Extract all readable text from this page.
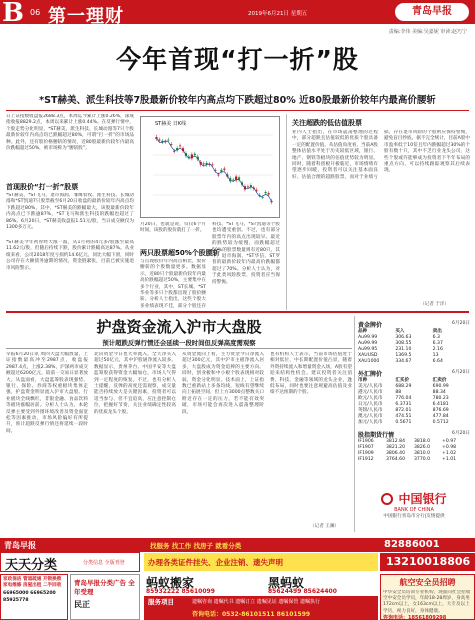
B 06 第一理财	2019年6月21日 星期五	青岛早报
责编:李伟 美编:吴嘉妮 审读:赵巧宁
今年首现“打一折”股
*ST赫美、派生科技等7股最新价较年内高点均下跌超过80% 近80股最新价较年内最高价腰斩
日上证指数收盘报2688.3点，本周迄今累计上涨0.26%，深成指收报8829.2点，本周以来累计上涨0.44%。在反弹行情中，个股走势分化明显，*ST赫美、派生科技、长城动漫等7只个股最新价较年内高点均已跌幅超过80%，可谓“打一折”的市场品种。此外，还有股价格腰斩的情况，近80股最新价较年内最高价跌幅超过50%，被市场称为“腰斩股”。
首现股价“打一折”股票
*ST赫美、*ST飞马、退市海润、雏鹰农牧、派生科技、长城动漫和*ST凯迪7只股票截至6月20日收盘的最新价较年内高点均下跌超过80%，其中，*ST赫美的跌幅最大，该股最新价较年内高点已下跌逾87%，*ST飞马和派生科技的跌幅也超过了86%。6月20日，*ST赫美收盘报1.51元/股，当日成交额仅为1300多万元。
*ST赫美今年初曾经大涨一波，从1月初的4元多/股涨至最高11.62元/股，但随后持续下跌，股价累计跌幅高达87%。从业绩来看，公司2018年度亏损约14.6亿元，同比大幅下滑，同时公司存在大额债务逾期的情况，资金链紧张，目前已被实施退市风险警示。
ST赫美 日K线
月20日，也就是说，仅仅6个月时间，该股的股价就打了一折。
两只股票超50%个股腰斩
与首现股价年内高点相比，股价腰斩的个股数量更多。数据显示，近80只个股最新价较年内最高价跌幅超过50%，主要集中在多个行业，其中，ST长城、*ST华业等多只个股都出现了股价腰斩。分析人士指出，这些个股大多业绩表现不佳，部分个股还存
科技、*ST飞马、*ST凯迪等个股也均遭受重创。不过，也有部分股票年内的高点出现较早。最近的跌势较为缓慢，而跌幅超过50%的股票数量则有近80只，其中，退市海润、*ST华信、ST罗普的最新价较年内最高价跌幅都超过了70%。分析人士认为，对于此类风险股票，投资者应当保持警惕。
关注超跌的低估值股票
业内人士指出，在市场震荡整理的过程中，部分超跌且估值较低的优质个股具备一定的配置价值。从估值角度看，当前A股整体估值水平处于历史较低区域，银行、地产、钢铁等板块的估值优势较为明显。同时，随着科创板开板临近，市场情绪有望逐步回暖，投资者可以关注基本面良好、估值合理的超跌股票，而对于业绩亏损、存在退市风险的个股则应保持警惕，避免盲目抄底。据不完全统计，目前A股中市盈率低于10倍且年内跌幅超过30%的个股有数十只，其中不乏行业龙头公司，这些个股或许能够成为投资者下半年布局的重点方向，可以持续跟踪观察其后续表现。
（记者 于洋）
护盘资金流入沪市大盘股
预计超跌反弹行情还会延续一段时间但反弹高度需观察
早报6月20日讯 周四大盘大幅放量，上证指数最高冲至2987点，收盘报2987.4点，上涨2.38%，沪深两市成交额超过6200亿元，较前一交易日显著放大。从盘面看，大盘蓝筹股表现强势，银行、保险、券商等权重板块集体走强，护盘资金明显流入沪市大盘股。行业板块全线飘红，非银金融、食品饮料等板块涨幅居前。分析人士认为，本轮反弹主要受到外围环境改善及资金面宽松等因素推动，市场风险偏好有所提升，预计超跌反弹行情还将延续一段时间。
北向资金今日也大举流入，全天净买入超过50亿元，其中沪股通净流入较多。数据显示，贵州茅台、中国平安等大盘蓝筹股获得资金大幅加仓，市场人气得到一定程度的恢复。不过，也有分析人士提醒，反弹的高度还需观察，成交量能否持续放大是关键因素，投资者可以适当参与，但不宜追高，应注意控制仓位，把握好节奏，关注业绩确定性较高的优质龙头个股。
从资金流向上看，主力资金今日净流入超过300亿元，其中沪市主板净流入居多，大盘股成为资金追捧的主要方向。同时，创业板和中小板个股表现相对较弱，资金分化明显。技术面上，上证指数已重新站上多条均线，短线有望继续向上拓展空间，但上方3000点整数关口附近存在一定的压力，若不能有效突破，市场可能会再次进入震荡整理阶段。
也有机构人士表示，当前市场估值处于相对低位，中长期配置价值凸显，随着外资持续流入和增量资金入场，A股有望迎来结构性机会。建议投资者关注消费、科技、金融等领域的龙头企业，逢低布局，同时也要注意规避高估值及业绩不达预期的个股。
（记者 王澜）
黄金牌价	6月20日
品种	买入	卖出
Au99.99	306.63	6.3
Au99.99	308.55	6.37
Au99.95	231.10	2.16
XAUUSD	1369.5	13
XAU1000	334.67	6.64
外汇牌价	6月20日
币种	汇买价	汇卖价
美元/人民币	688.29	690.99
港元/人民币	88	88.34
欧元/人民币	776.04	780.23
日元/人民币	6.3731	6.4181
英镑/人民币	872.01	876.69
澳元/人民币	474.51	477.84
加元/人民币	0.5671	0.5712
股指期货行情	6月20日
IF1906	3812.84	3818.0	+0.97
IF1907	3821.20	3826.0	+0.98
IF1909	3806.40	3810.0	+1.02
IF1912	3764.60	3770.0	+1.01
中国银行
BANK OF CHINA
中国银行青岛市分行|友情提供
青岛早报	找服务 找工作 找房子 就看分类	82886001
天天分类	分类信息 全版刊登	办理各类证件挂失、企业注销、遗失声明	13210018806
家政保洁 管道疏通 开锁换锁 家电维修 房屋出租 二手回收
66965000 66965200 85925778
青岛早报分类广告 全年受理
民正
蚂蚁搬家
85932222 85610099
黑蚂蚁
85624499 85624400
服务项目	遗嘱咨询 遗嘱代书 遗嘱订立 遗嘱见证 遗嘱保管 遗嘱执行
咨询电话：0532-86101511 86101599
航空安全员招聘
中华安全员培训专业机构，现面向社会招收空中安全员学员，年龄18-28周岁，身高男172cm以上，女163cm以上，大专及以上学历，视力良好，身体健康。
咨询电话：18561809298
